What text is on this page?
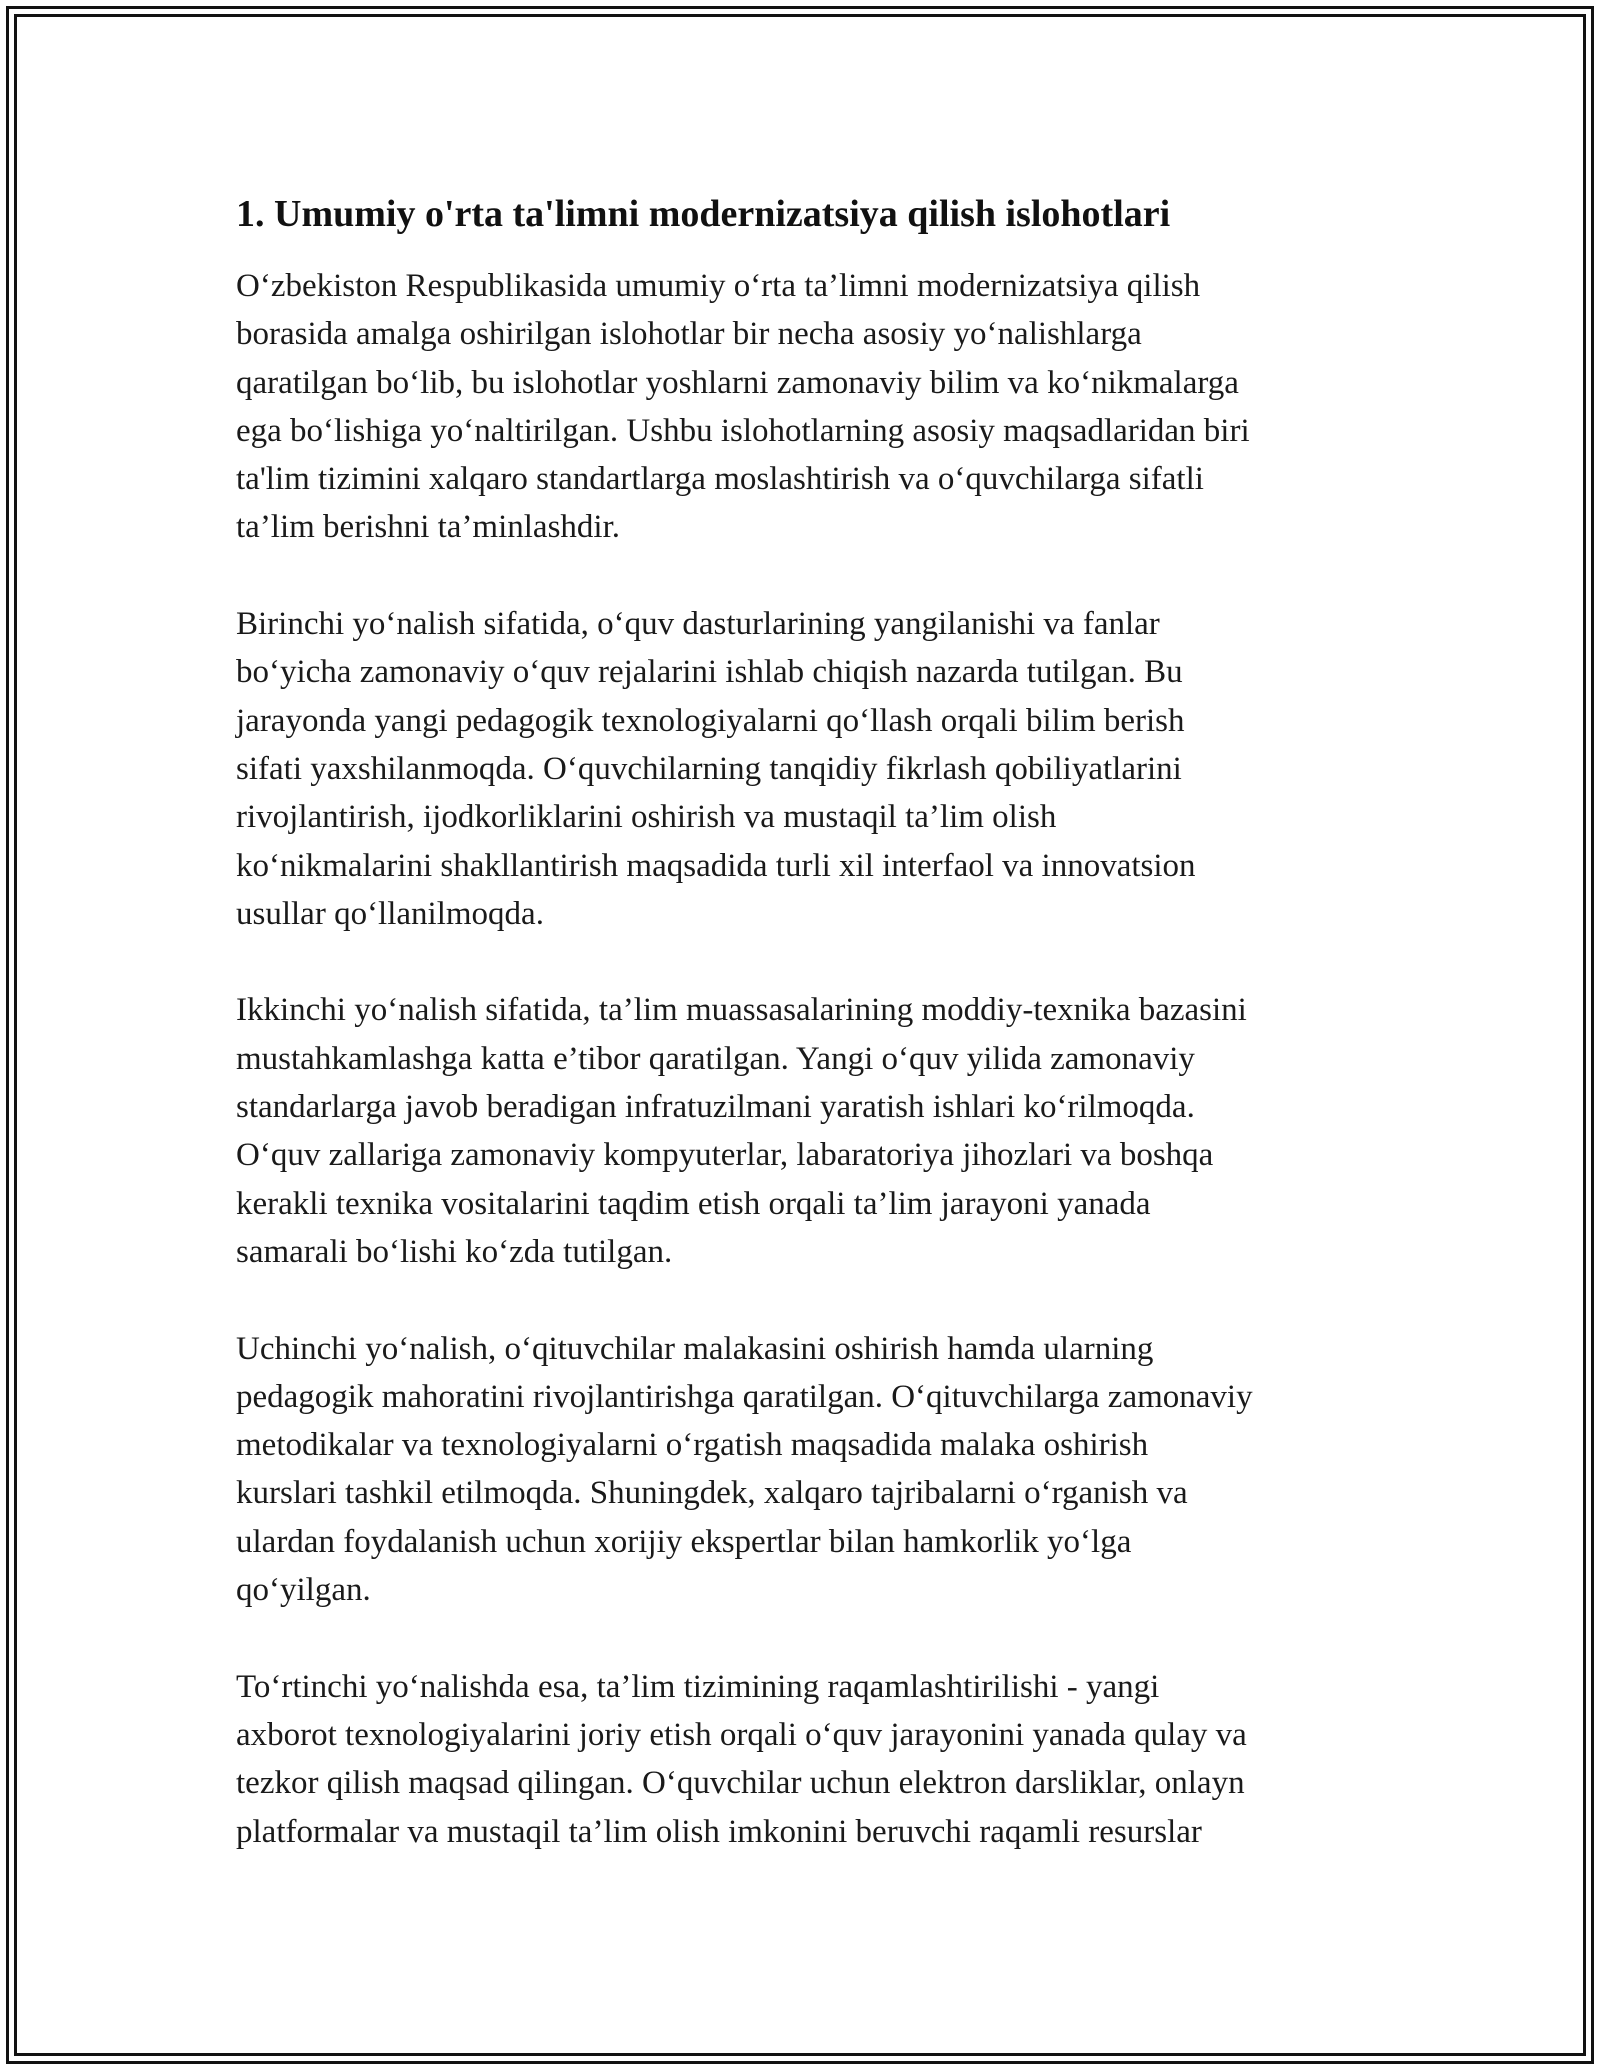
1. Umumiy o'rta ta'limni modernizatsiya qilish islohotlari

O‘zbekiston Respublikasida umumiy o‘rta ta’limni modernizatsiya qilish
borasida amalga oshirilgan islohotlar bir necha asosiy yo‘nalishlarga
qaratilgan bo‘lib, bu islohotlar yoshlarni zamonaviy bilim va ko‘nikmalarga
ega bo‘lishiga yo‘naltirilgan. Ushbu islohotlarning asosiy maqsadlaridan biri
ta'lim tizimini xalqaro standartlarga moslashtirish va o‘quvchilarga sifatli
ta’lim berishni ta’minlashdir.

Birinchi yo‘nalish sifatida, o‘quv dasturlarining yangilanishi va fanlar
bo‘yicha zamonaviy o‘quv rejalarini ishlab chiqish nazarda tutilgan. Bu
jarayonda yangi pedagogik texnologiyalarni qo‘llash orqali bilim berish
sifati yaxshilanmoqda. O‘quvchilarning tanqidiy fikrlash qobiliyatlarini
rivojlantirish, ijodkorliklarini oshirish va mustaqil ta’lim olish
ko‘nikmalarini shakllantirish maqsadida turli xil interfaol va innovatsion
usullar qo‘llanilmoqda.

Ikkinchi yo‘nalish sifatida, ta’lim muassasalarining moddiy-texnika bazasini
mustahkamlashga katta e’tibor qaratilgan. Yangi o‘quv yilida zamonaviy
standarlarga javob beradigan infratuzilmani yaratish ishlari ko‘rilmoqda.
O‘quv zallariga zamonaviy kompyuterlar, labaratoriya jihozlari va boshqa
kerakli texnika vositalarini taqdim etish orqali ta’lim jarayoni yanada
samarali bo‘lishi ko‘zda tutilgan.

Uchinchi yo‘nalish, o‘qituvchilar malakasini oshirish hamda ularning
pedagogik mahoratini rivojlantirishga qaratilgan. O‘qituvchilarga zamonaviy
metodikalar va texnologiyalarni o‘rgatish maqsadida malaka oshirish
kurslari tashkil etilmoqda. Shuningdek, xalqaro tajribalarni o‘rganish va
ulardan foydalanish uchun xorijiy ekspertlar bilan hamkorlik yo‘lga
qo‘yilgan.

To‘rtinchi yo‘nalishda esa, ta’lim tizimining raqamlashtirilishi - yangi
axborot texnologiyalarini joriy etish orqali o‘quv jarayonini yanada qulay va
tezkor qilish maqsad qilingan. O‘quvchilar uchun elektron darsliklar, onlayn
platformalar va mustaqil ta’lim olish imkonini beruvchi raqamli resurslar
